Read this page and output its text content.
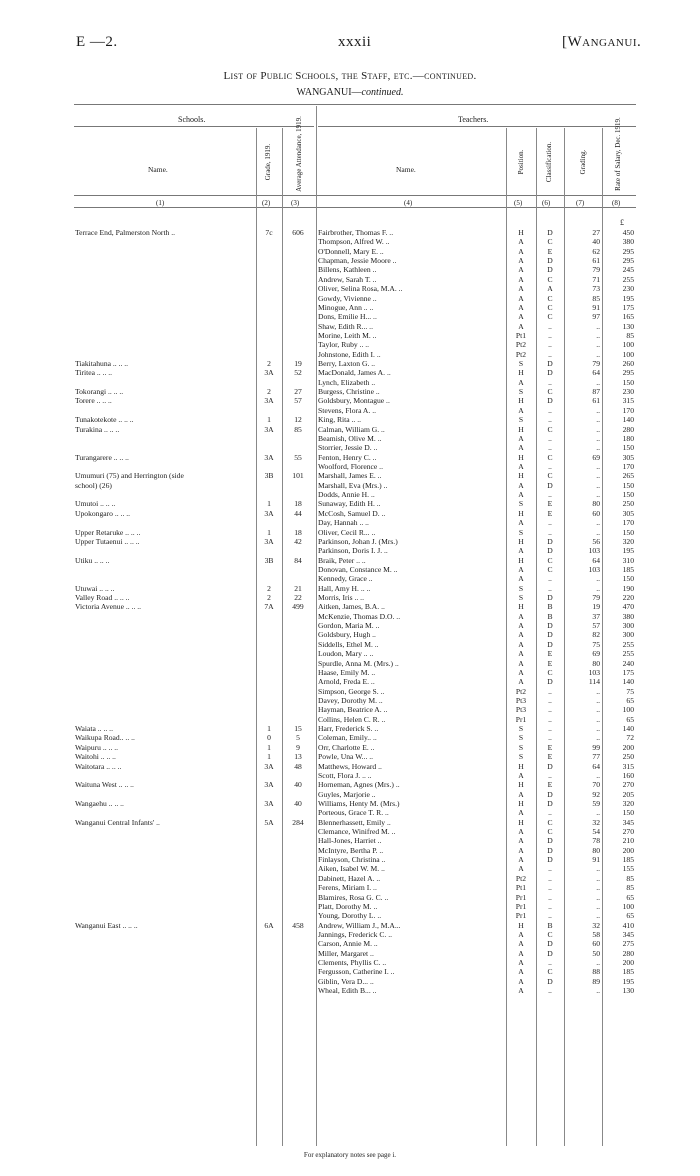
E —2.	xxxii	[Wanganui.
List of Public Schools, the Staff, etc.—continued.
WANGANUI—continued.
Schools.	Teachers.
Name.	Grade, 1919.	Average Attendance, 1919.	Name.	Position.	Classification.	Grading.	Rate of Salary, Dec. 1919.
(1)	(2)	(3)	(4)	(5)	(6)	(7)	(8)
£
Terrace End, Palmerston North ..	7c	606	Fairbrother, Thomas F. ..	H	D	27	450
Thompson, Alfred W. ..	A	C	40	380
O'Donnell, Mary E. ..	A	E	62	295
Chapman, Jessie Moore ..	A	D	61	295
Billens, Kathleen ..	A	D	79	245
Andrew, Sarah T. ..	A	C	71	255
Oliver, Selina Rosa, M.A. ..	A	A	73	230
Gowdy, Vivienne ..	A	C	85	195
Minogue, Ann .. ..	A	C	91	175
Dons, Emilie H... ..	A	C	97	165
Shaw, Edith R... ..	A	..	..	130
Morine, Leith M. ..	Pt1	..	..	85
Taylor, Ruby .. ..	Pt2	..	..	100
Johnstone, Edith I. ..	Pt2	..	..	100
Tiakitahuna .. .. ..	2	19	Berry, Laxton G. ..	S	D	79	260
Tiritea .. .. ..	3A	52	MacDonald, James A. ..	H	D	64	295
Lynch, Elizabeth ..	A	..	..	150
Tokorangi .. .. ..	2	27	Burgess, Christine ..	S	C	87	230
Torere .. .. ..	3A	57	Goldsbury, Montague ..	H	D	61	315
Stevens, Flora A. ..	A	..	..	170
Tunakotekote .. .. ..	1	12	King, Rita .. ..	S	..	..	140
Turakina .. .. ..	3A	85	Calman, William G. ..	H	C	..	280
Beamish, Olive M. ..	A	..	..	180
Storrier, Jessie D. ..	A	..	..	150
Turangarere .. .. ..	3A	55	Fenton, Henry C. ..	H	C	69	305
Woolford, Florence ..	A	..	..	170
Umumuri (75) and Herrington (side	3B	101	Marshall, James E. ..	H	C	..	265
school) (26)	Marshall, Eva (Mrs.) ..	A	D	..	150
Dodds, Annie H. ..	A	..	..	150
Umutoi .. .. ..	1	18	Sunaway, Edith H. ..	S	E	80	250
Upokongaro .. .. ..	3A	44	McCosh, Samuel D. ..	H	E	60	305
Day, Hannah .. ..	A	..	..	170
Upper Retaruke .. .. ..	1	18	Oliver, Cecil R... ..	S	..	..	150
Upper Tutaenui .. .. ..	3A	42	Parkinson, Johan J. (Mrs.)	H	D	56	320
Parkinson, Doris I. J. ..	A	D	103	195
Utiku .. .. ..	3B	84	Braik, Peter .. ..	H	C	64	310
Donovan, Constance M. ..	A	C	103	185
Kennedy, Grace ..	A	..	..	150
Utuwai .. .. ..	2	21	Hall, Amy H. .. ..	S	..	..	190
Valley Road .. .. ..	2	22	Morris, Iris .. ..	S	D	79	220
Victoria Avenue .. .. ..	7A	499	Aitken, James, B.A. ..	H	B	19	470
McKenzie, Thomas D.O. ..	A	B	37	380
Gordon, Maria M. ..	A	D	57	300
Goldsbury, Hugh ..	A	D	82	300
Siddells, Ethel M. ..	A	D	75	255
Loudon, Mary .. ..	A	E	69	255
Spurdle, Anna M. (Mrs.) ..	A	E	80	240
Haase, Emily M. ..	A	C	103	175
Arnold, Freda E. ..	A	D	114	140
Simpson, George S. ..	Pt2	..	..	75
Davey, Dorothy M. ..	Pt3	..	..	65
Hayman, Beatrice A. ..	Pt3	..	..	100
Collins, Helen C. R. ..	Pr1	..	..	65
Waiata .. .. ..	1	15	Harr, Frederick S. ..	S	..	..	140
Waikupa Road.. .. ..	0	5	Coleman, Emily.. ..	S	..	..	72
Waipuru .. .. ..	1	9	Orr, Charlotte E. ..	S	E	99	200
Waitohi .. .. ..	1	13	Powle, Una W... ..	S	E	77	250
Waitotara .. .. ..	3A	48	Matthews, Howard ..	H	D	64	315
Scott, Flora J. .. ..	A	..	..	160
Waituna West .. .. ..	3A	40	Horneman, Agnes (Mrs.) ..	H	E	70	270
Guyles, Marjorie ..	A	D	92	205
Wangaehu .. .. ..	3A	40	Williams, Henty M. (Mrs.)	H	D	59	320
Porteous, Grace T. R. ..	A	..	..	150
Wanganui Central Infants' ..	5A	284	Blennerhassett, Emily ..	H	C	32	345
Clemance, Winifred M. ..	A	C	54	270
Hall-Jones, Harriet ..	A	D	78	210
McIntyre, Bertha P. ..	A	D	80	200
Finlayson, Christina ..	A	D	91	185
Aiken, Isabel W. M. ..	A	..	..	155
Dabinett, Hazel A. ..	Pt2	..	..	85
Ferens, Miriam I. ..	Pt1	..	..	85
Blamires, Rosa G. C. ..	Pr1	..	..	65
Platt, Dorothy M. ..	Pr1	..	..	100
Young, Dorothy L. ..	Pr1	..	..	65
Wanganui East .. .. ..	6A	458	Andrew, William J., M.A...	H	B	32	410
Jannings, Frederick C. ..	A	C	58	345
Carson, Annie M. ..	A	D	60	275
Miller, Margaret ..	A	D	50	280
Clements, Phyllis C. ..	A	..	..	200
Fergusson, Catherine I. ..	A	C	88	185
Giblin, Vera D... ..	A	D	89	195
Wheal, Edith B... ..	A	..	..	130
For explanatory notes see page i.
